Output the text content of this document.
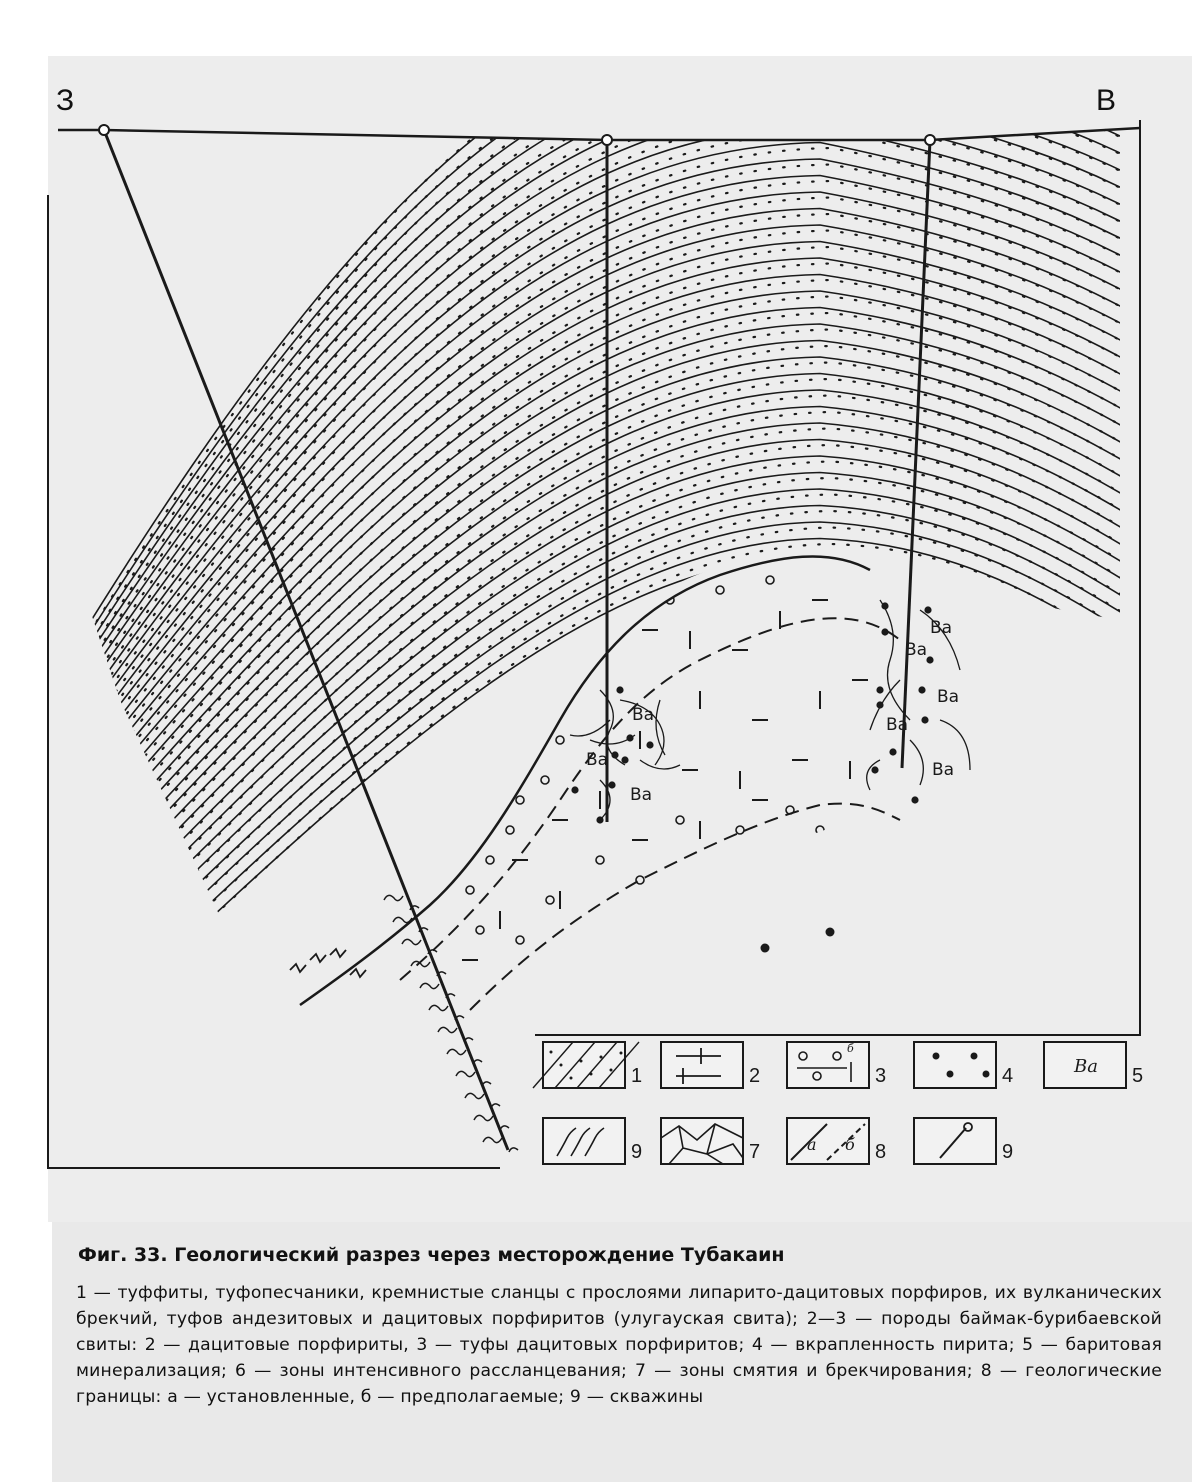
Ba
Ba
Ba
Ba
Ba
Ba
Ba
Ba
1	2
б
3	4	Ba 5
9	7	а б 8	9
З	В
Фиг. 33. Геологический разрез через месторождение Тубакаин
1 — туффиты, туфопесчаники, кремнистые сланцы с прослоями липарито-дацитовых порфиров, их вулканических брекчий, туфов андезитовых и дацитовых порфиритов (улугауская свита); 2—3 — породы баймак-бурибаевской свиты: 2 — дацитовые порфириты, 3 — туфы дацитовых порфиритов; 4 — вкрапленность пирита; 5 — баритовая минерализация; 6 — зоны интенсивного рассланцевания; 7 — зоны смятия и брекчирования; 8 — геологические границы: а — установленные, б — предполагаемые; 9 — скважины
